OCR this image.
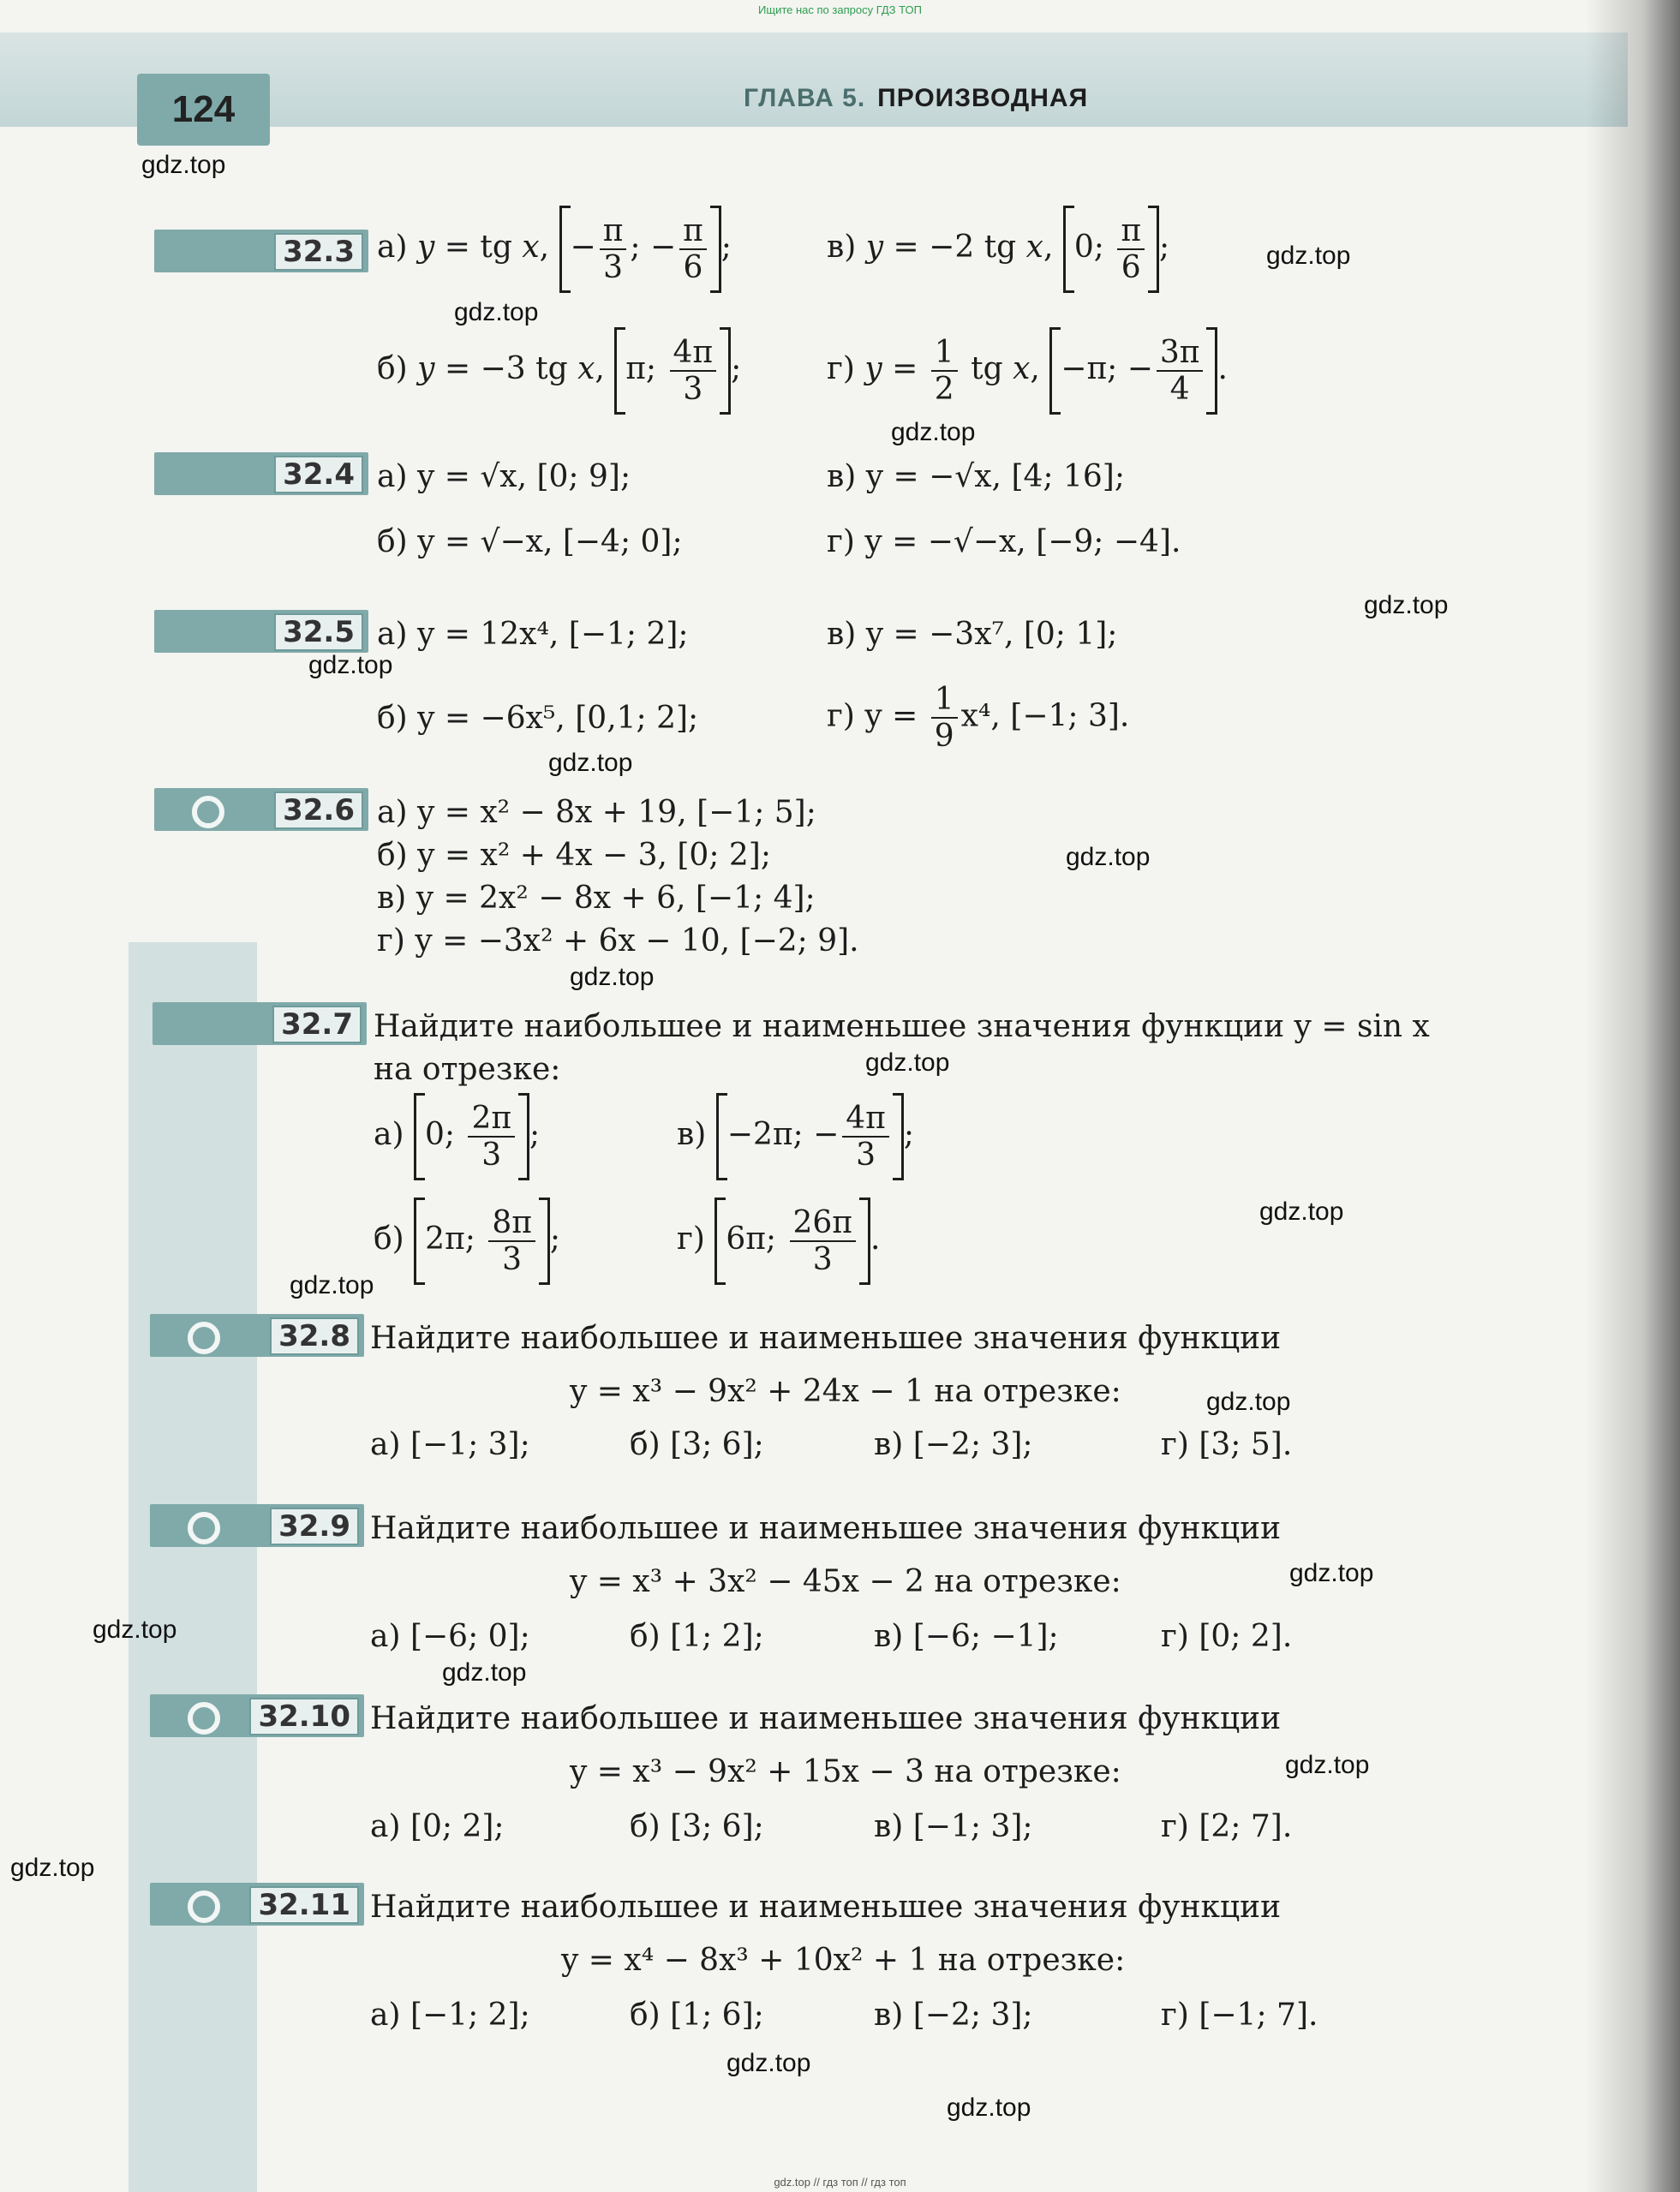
Ищите нас по запросу ГДЗ ТОП
124	ГЛАВА 5. ПРОИЗВОДНАЯ
32.3 а) y = tg x, − $\frac{\pi}{3}$ ; − $\frac{\pi}{6}$ ;	в) y = −2 tg x, 0; $\frac{\pi}{6}$ ;
б) y = −3 tg x, π; $\frac{4\pi}{3}$ ;	г) $y = \frac{1}{2}$ tg x, −π; − $\frac{3\pi}{4}$ .
32.4 а) y = √x, [0; 9];	в) y = −√x, [4; 16];
б) y = √−x, [−4; 0];	г) y = −√−x, [−9; −4].
32.5 а) y = 12x⁴, [−1; 2];	в) y = −3x⁷, [0; 1];
б) y = −6x⁵, [0,1; 2];	г) $y = \frac{1}{9} x^4$, [−1; 3].
32.6 а) y = x² − 8x + 19, [−1; 5];
б) y = x² + 4x − 3, [0; 2];
в) y = 2x² − 8x + 6, [−1; 4];
г) y = −3x² + 6x − 10, [−2; 9].
32.7 Найдите наибольшее и наименьшее значения функции y = sin x
на отрезке:
а) 0; $\frac{2\pi}{3}$ ;	в) −2π; − $\frac{4\pi}{3}$ ;
б) 2π; $\frac{8\pi}{3}$ ;	г) 6π; $\frac{26\pi}{3}$ .
32.8 Найдите наибольшее и наименьшее значения функции
y = x³ − 9x² + 24x − 1 на отрезке:
а) [−1; 3];	б) [3; 6];	в) [−2; 3];	г) [3; 5].
32.9 Найдите наибольшее и наименьшее значения функции
y = x³ + 3x² − 45x − 2 на отрезке:
а) [−6; 0];	б) [1; 2];	в) [−6; −1];	г) [0; 2].
32.10 Найдите наибольшее и наименьшее значения функции
y = x³ − 9x² + 15x − 3 на отрезке:
а) [0; 2];	б) [3; 6];	в) [−1; 3];	г) [2; 7].
32.11 Найдите наибольшее и наименьшее значения функции
y = x⁴ − 8x³ + 10x² + 1 на отрезке:
а) [−1; 2];	б) [1; 6];	в) [−2; 3];	г) [−1; 7].
gdz.top
gdz.top
gdz.top
gdz.top
gdz.top
gdz.top
gdz.top
gdz.top
gdz.top
gdz.top
gdz.top
gdz.top
gdz.top
gdz.top
gdz.top
gdz.top
gdz.top
gdz.top
gdz.top
gdz.top
gdz.top // гдз топ // гдз топ
